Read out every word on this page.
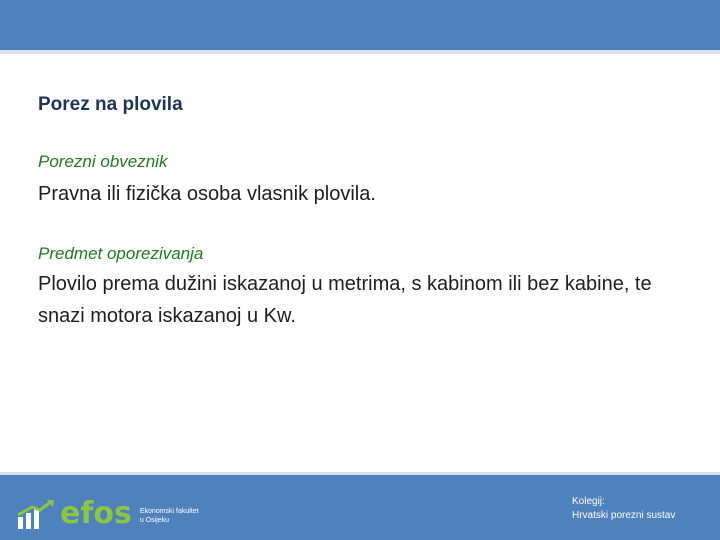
Porez na plovila

Porezni obveznik

Pravna ili fizička osoba vlasnik plovila.

Predmet oporezivanja

Plovilo prema dužini iskazanoj u metrima, s kabinom ili bez kabine, te snazi motora iskazanoj u Kw.

efos Ekonomski fakultet
u Osijeku
Kolegij:
Hrvatski porezni sustav
